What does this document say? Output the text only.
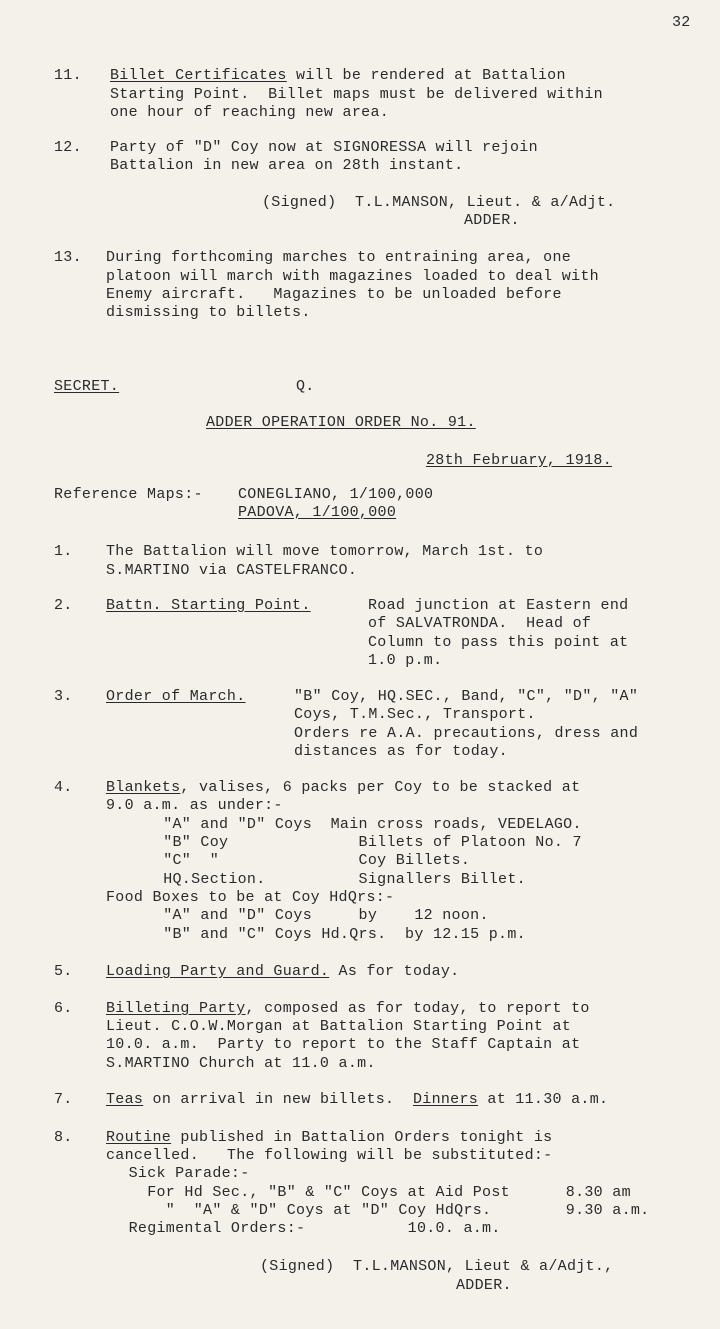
32
11. Billet Certificates will be rendered at Battalion
Starting Point.  Billet maps must be delivered within
one hour of reaching new area.
12. Party of "D" Coy now at SIGNORESSA will rejoin
Battalion in new area on 28th instant.
(Signed)  T.L.MANSON, Lieut. & a/Adjt.
ADDER.
13. During forthcoming marches to entraining area, one
platoon will march with magazines loaded to deal with
Enemy aircraft.   Magazines to be unloaded before
dismissing to billets.
SECRET.	Q.
ADDER OPERATION ORDER No. 91.
28th February, 1918.
Reference Maps:- CONEGLIANO, 1/100,000
PADOVA, 1/100,000
1. The Battalion will move tomorrow, March 1st. to
S.MARTINO via CASTELFRANCO.
2. Battn. Starting Point.	Road junction at Eastern end
of SALVATRONDA.  Head of
Column to pass this point at
1.0 p.m.
3. Order of March.	"B" Coy, HQ.SEC., Band, "C", "D", "A"
Coys, T.M.Sec., Transport.
Orders re A.A. precautions, dress and
distances as for today.
4. Blankets, valises, 6 packs per Coy to be stacked at
9.0 a.m. as under:-
"A" and "D" Coys  Main cross roads, VEDELAGO.
"B" Coy              Billets of Platoon No. 7
"C"  "               Coy Billets.
HQ.Section.          Signallers Billet.
Food Boxes to be at Coy HdQrs:-
"A" and "D" Coys     by    12 noon.
"B" and "C" Coys Hd.Qrs.  by 12.15 p.m.
5. Loading Party and Guard. As for today.
6. Billeting Party, composed as for today, to report to
Lieut. C.O.W.Morgan at Battalion Starting Point at
10.0. a.m.  Party to report to the Staff Captain at
S.MARTINO Church at 11.0 a.m.
7. Teas on arrival in new billets.  Dinners at 11.30 a.m.
8. Routine published in Battalion Orders tonight is
cancelled.   The following will be substituted:-
Sick Parade:-
For Hd Sec., "B" & "C" Coys at Aid Post      8.30 am
"  "A" & "D" Coys at "D" Coy HdQrs.        9.30 a.m.
Regimental Orders:-           10.0. a.m.
(Signed)  T.L.MANSON, Lieut & a/Adjt.,
ADDER.
